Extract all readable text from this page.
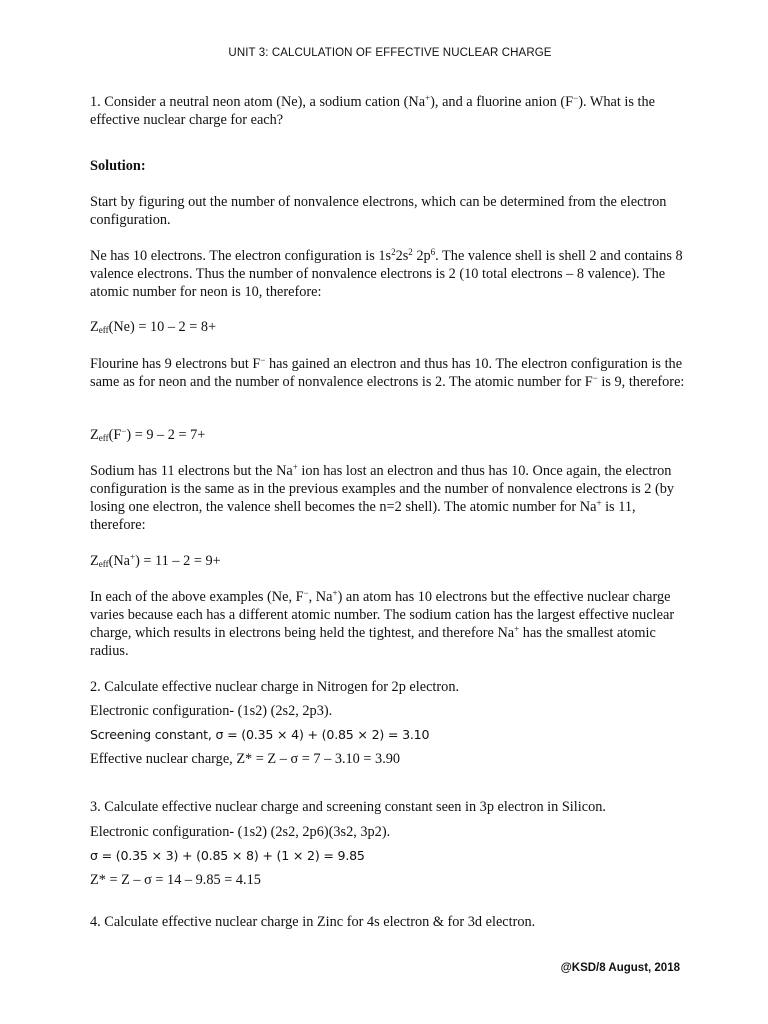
UNIT 3: CALCULATION OF EFFECTIVE NUCLEAR CHARGE
1. Consider a neutral neon atom (Ne), a sodium cation (Na+), and a fluorine anion (F−). What is the effective nuclear charge for each?
Solution:
Start by figuring out the number of nonvalence electrons, which can be determined from the electron configuration.
Ne has 10 electrons. The electron configuration is $1s^22s^2$ $2p^6$. The valence shell is shell 2 and contains 8 valence electrons. Thus the number of nonvalence electrons is 2 (10 total electrons – 8 valence). The atomic number for neon is 10, therefore:
$Z_{eff}(Ne) = 10 - 2 = 8+$
Flourine has 9 electrons but F− has gained an electron and thus has 10. The electron configuration is the same as for neon and the number of nonvalence electrons is 2. The atomic number for F− is 9, therefore:
$Z_{eff}(F^-) = 9 - 2 = 7+$
Sodium has 11 electrons but the Na+ ion has lost an electron and thus has 10. Once again, the electron configuration is the same as in the previous examples and the number of nonvalence electrons is 2 (by losing one electron, the valence shell becomes the n=2 shell). The atomic number for Na+ is 11, therefore:
$Z_{eff}(Na^+) = 11 - 2 = 9+$
In each of the above examples (Ne, F−, Na+) an atom has 10 electrons but the effective nuclear charge varies because each has a different atomic number. The sodium cation has the largest effective nuclear charge, which results in electrons being held the tightest, and therefore Na+ has the smallest atomic radius.
2. Calculate effective nuclear charge in Nitrogen for 2p electron.
Electronic configuration- (1s2) (2s2, 2p3).
Screening constant, σ = (0.35 × 4) + (0.85 × 2) = 3.10
Effective nuclear charge, Z* = Z – σ = 7 – 3.10 = 3.90
3. Calculate effective nuclear charge and screening constant seen in 3p electron in Silicon.
Electronic configuration- (1s2) (2s2, 2p6)(3s2, 3p2).
σ = (0.35 × 3) + (0.85 × 8) + (1 × 2) = 9.85
Z* = Z – σ = 14 – 9.85 = 4.15
4. Calculate effective nuclear charge in Zinc for 4s electron & for 3d electron.
@KSD/8 August, 2018
